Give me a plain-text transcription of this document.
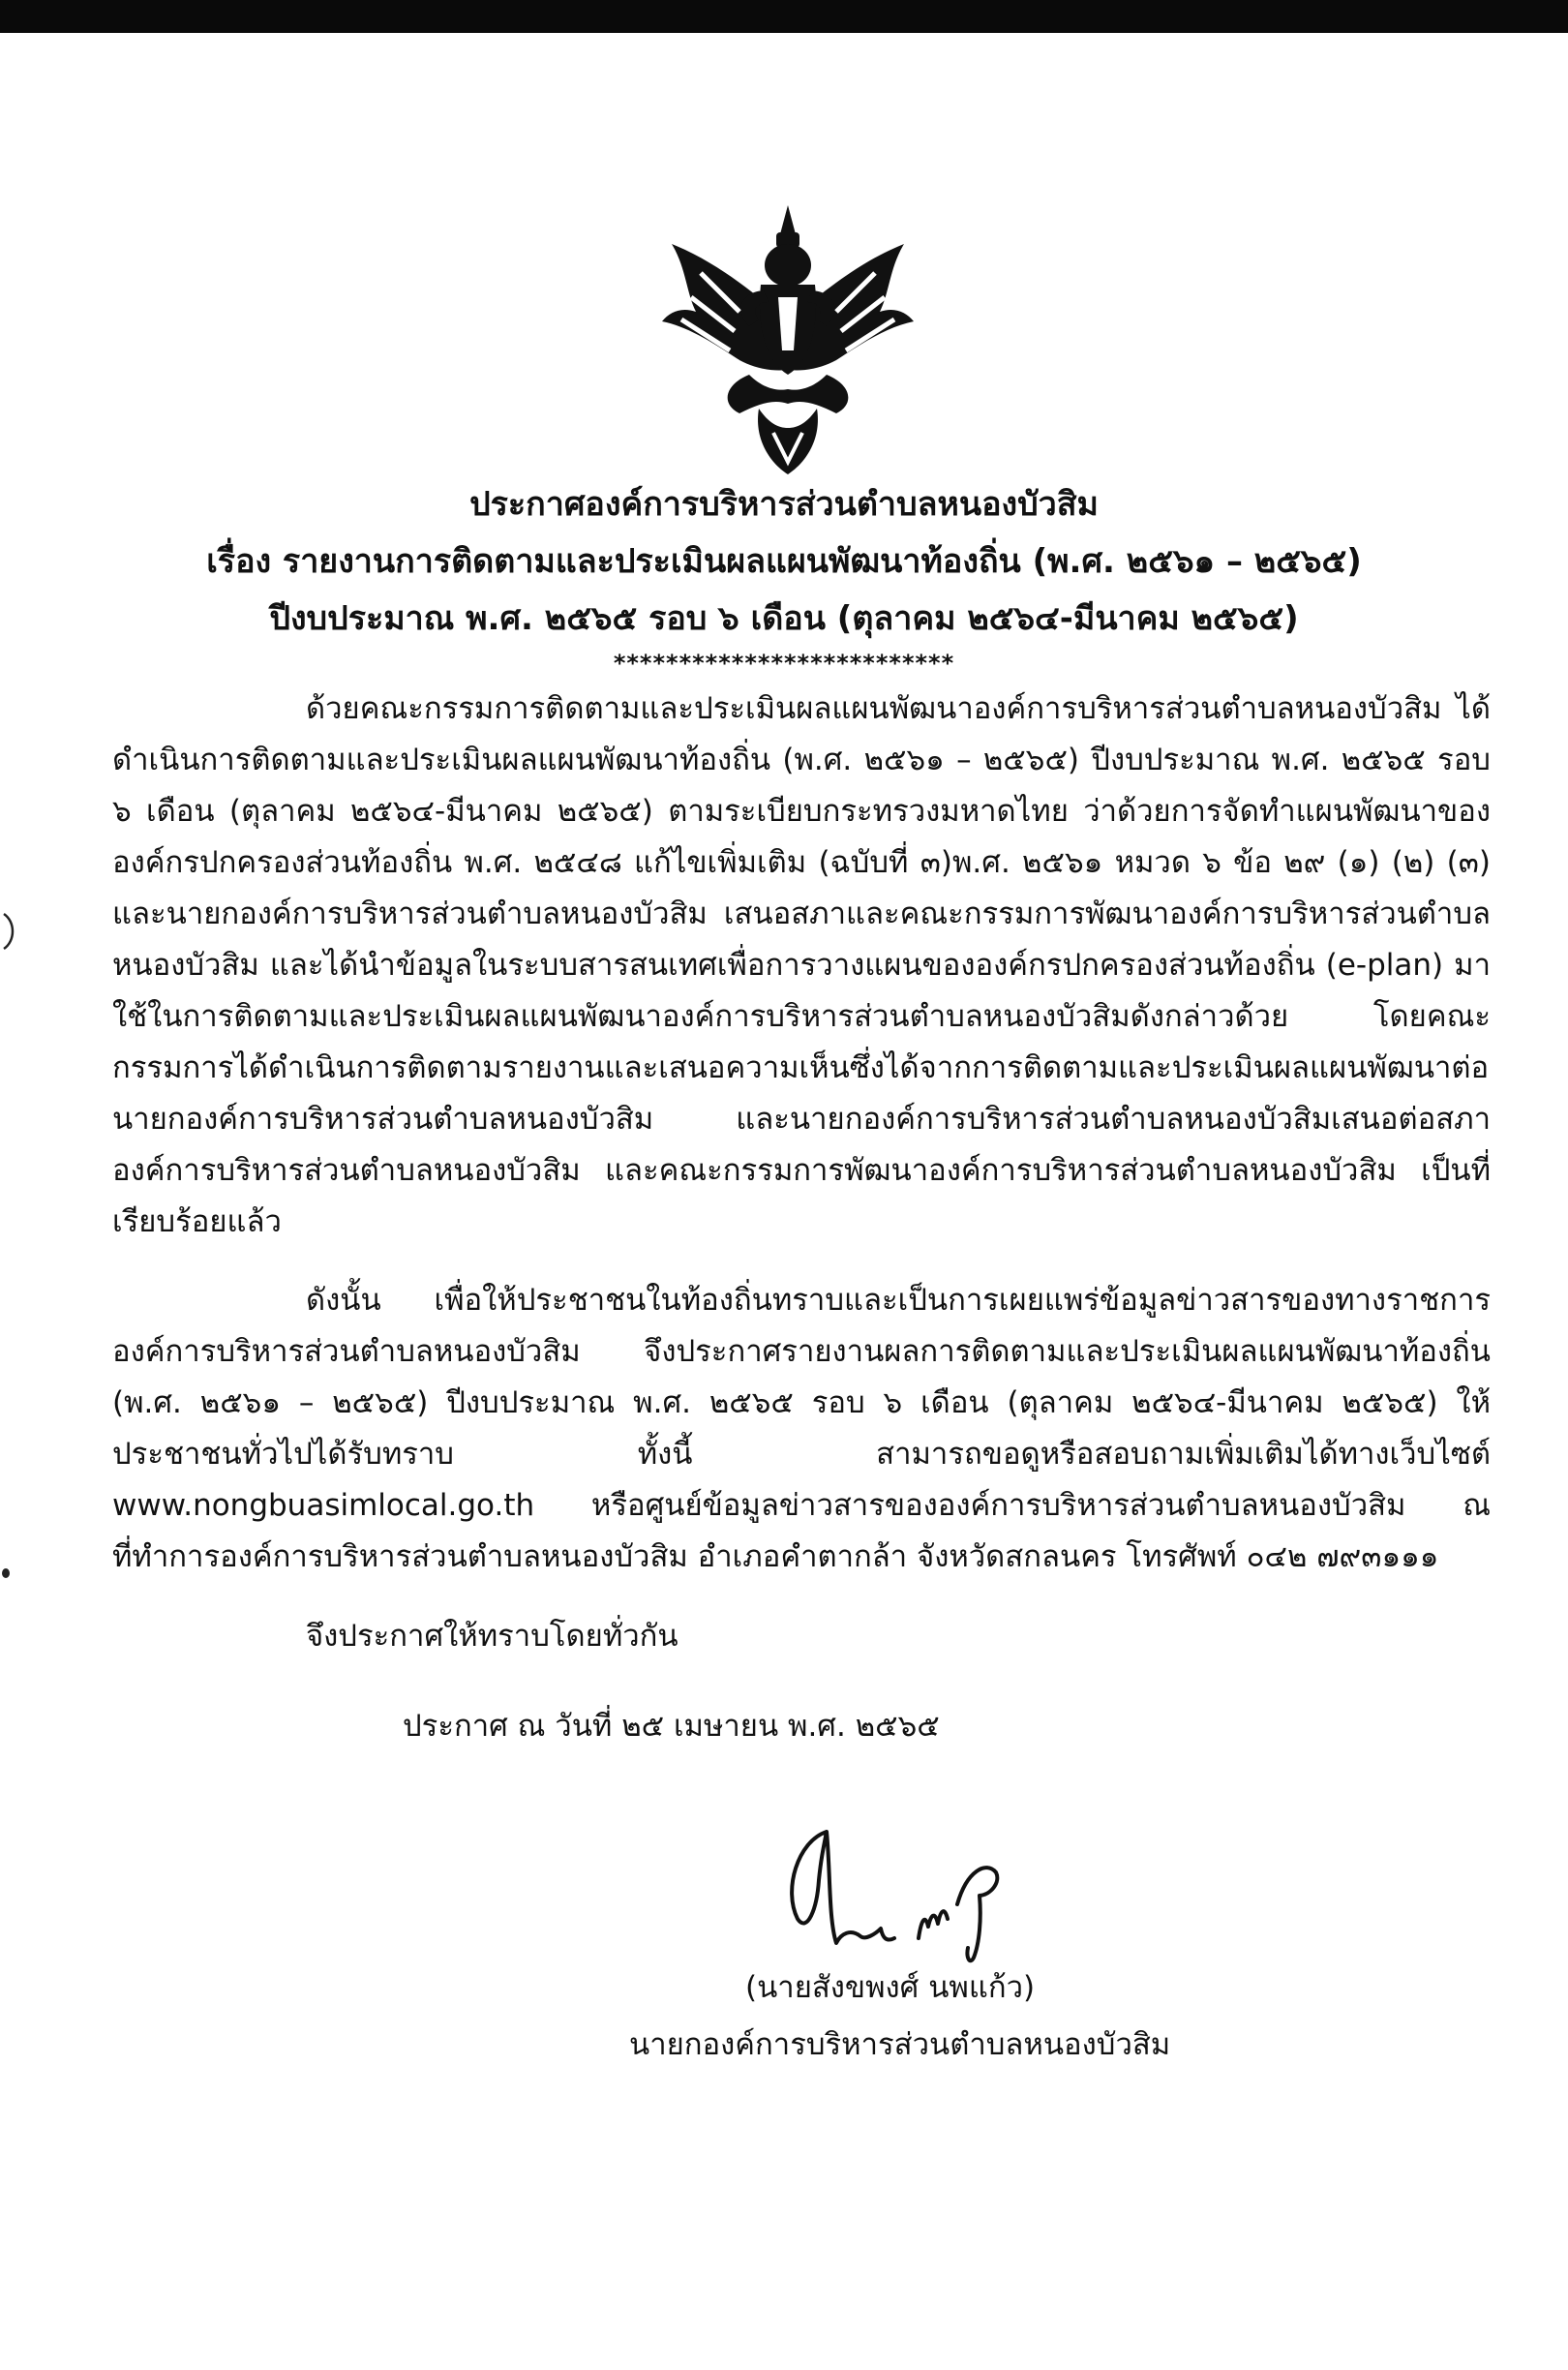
ประกาศองค์การบริหารส่วนตำบลหนองบัวสิม
เรื่อง รายงานการติดตามและประเมินผลแผนพัฒนาท้องถิ่น (พ.ศ. ๒๕๖๑ – ๒๕๖๕)
ปีงบประมาณ พ.ศ. ๒๕๖๕ รอบ ๖ เดือน (ตุลาคม ๒๕๖๔-มีนาคม ๒๕๖๕)
**************************
ด้วยคณะกรรมการติดตามและประเมินผลแผนพัฒนาองค์การบริหารส่วนตำบลหนองบัวสิม ได้ดำเนินการติดตามและประเมินผลแผนพัฒนาท้องถิ่น (พ.ศ. ๒๕๖๑ – ๒๕๖๕) ปีงบประมาณ พ.ศ. ๒๕๖๕ รอบ ๖ เดือน (ตุลาคม ๒๕๖๔-มีนาคม ๒๕๖๕) ตามระเบียบกระทรวงมหาดไทย ว่าด้วยการจัดทำแผนพัฒนาขององค์กรปกครองส่วนท้องถิ่น พ.ศ. ๒๕๔๘ แก้ไขเพิ่มเติม (ฉบับที่ ๓)พ.ศ. ๒๕๖๑ หมวด ๖ ข้อ ๒๙ (๑) (๒) (๓) และนายกองค์การบริหารส่วนตำบลหนองบัวสิม เสนอสภาและคณะกรรมการพัฒนาองค์การบริหารส่วนตำบลหนองบัวสิม และได้นำข้อมูลในระบบสารสนเทศเพื่อการวางแผนขององค์กรปกครองส่วนท้องถิ่น (e-plan) มาใช้ในการติดตามและประเมินผลแผนพัฒนาองค์การบริหารส่วนตำบลหนองบัวสิมดังกล่าวด้วย โดยคณะกรรมการได้ดำเนินการติดตามรายงานและเสนอความเห็นซึ่งได้จากการติดตามและประเมินผลแผนพัฒนาต่อนายกองค์การบริหารส่วนตำบลหนองบัวสิม และนายกองค์การบริหารส่วนตำบลหนองบัวสิมเสนอต่อสภาองค์การบริหารส่วนตำบลหนองบัวสิม และคณะกรรมการพัฒนาองค์การบริหารส่วนตำบลหนองบัวสิม เป็นที่เรียบร้อยแล้ว
ดังนั้น เพื่อให้ประชาชนในท้องถิ่นทราบและเป็นการเผยแพร่ข้อมูลข่าวสารของทางราชการองค์การบริหารส่วนตำบลหนองบัวสิม จึงประกาศรายงานผลการติดตามและประเมินผลแผนพัฒนาท้องถิ่น (พ.ศ. ๒๕๖๑ – ๒๕๖๕) ปีงบประมาณ พ.ศ. ๒๕๖๕ รอบ ๖ เดือน (ตุลาคม ๒๕๖๔-มีนาคม ๒๕๖๕) ให้ประชาชนทั่วไปได้รับทราบ ทั้งนี้ สามารถขอดูหรือสอบถามเพิ่มเติมได้ทางเว็บไซต์ www.nongbuasimlocal.go.th หรือศูนย์ข้อมูลข่าวสารขององค์การบริหารส่วนตำบลหนองบัวสิม ณ ที่ทำการองค์การบริหารส่วนตำบลหนองบัวสิม อำเภอคำตากล้า จังหวัดสกลนคร โทรศัพท์ ๐๔๒ ๗๙๓๑๑๑
จึงประกาศให้ทราบโดยทั่วกัน
ประกาศ ณ วันที่ ๒๕ เมษายน พ.ศ. ๒๕๖๕
(นายสังขพงศ์ นพแก้ว)
นายกองค์การบริหารส่วนตำบลหนองบัวสิม
